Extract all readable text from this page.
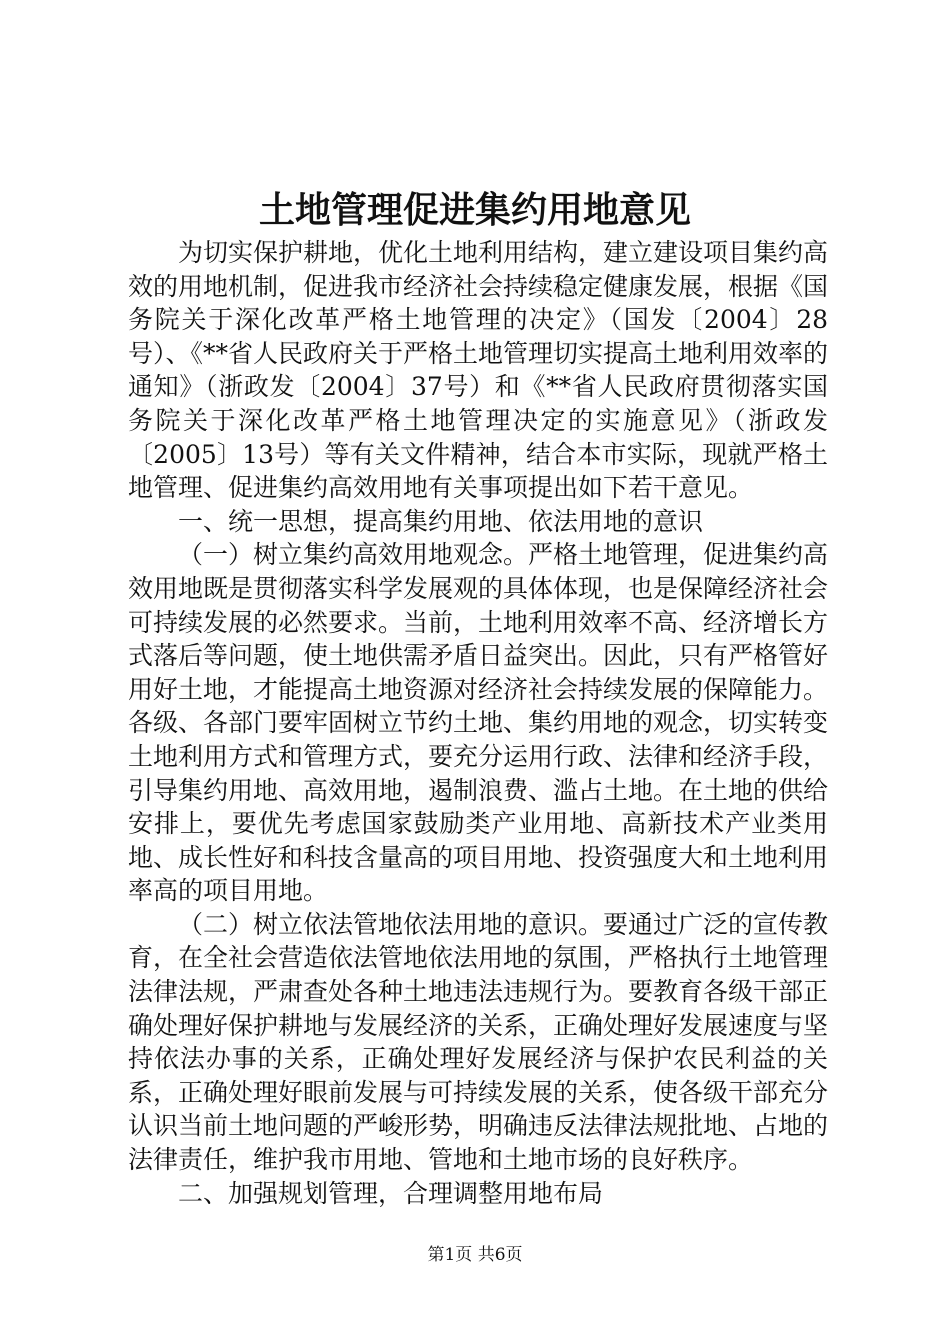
土地管理促进集约用地意见

为切实保护耕地，优化土地利用结构，建立建设项目集约高效的用地机制，促进我市经济社会持续稳定健康发展，根据《国务院关于深化改革严格土地管理的决定》（国发〔2004〕28号）、《**省人民政府关于严格土地管理切实提高土地利用效率的通知》（浙政发〔2004〕37号）和《**省人民政府贯彻落实国务院关于深化改革严格土地管理决定的实施意见》（浙政发〔2005〕13号）等有关文件精神，结合本市实际，现就严格土地管理、促进集约高效用地有关事项提出如下若干意见。

一、统一思想，提高集约用地、依法用地的意识

（一）树立集约高效用地观念。严格土地管理，促进集约高效用地既是贯彻落实科学发展观的具体体现，也是保障经济社会可持续发展的必然要求。当前，土地利用效率不高、经济增长方式落后等问题，使土地供需矛盾日益突出。因此，只有严格管好用好土地，才能提高土地资源对经济社会持续发展的保障能力。各级、各部门要牢固树立节约土地、集约用地的观念，切实转变土地利用方式和管理方式，要充分运用行政、法律和经济手段，引导集约用地、高效用地，遏制浪费、滥占土地。在土地的供给安排上，要优先考虑国家鼓励类产业用地、高新技术产业类用地、成长性好和科技含量高的项目用地、投资强度大和土地利用率高的项目用地。

（二）树立依法管地依法用地的意识。要通过广泛的宣传教育，在全社会营造依法管地依法用地的氛围，严格执行土地管理法律法规，严肃查处各种土地违法违规行为。要教育各级干部正确处理好保护耕地与发展经济的关系，正确处理好发展速度与坚持依法办事的关系，正确处理好发展经济与保护农民利益的关系，正确处理好眼前发展与可持续发展的关系，使各级干部充分认识当前土地问题的严峻形势，明确违反法律法规批地、占地的法律责任，维护我市用地、管地和土地市场的良好秩序。

二、加强规划管理，合理调整用地布局

第1页 共6页
